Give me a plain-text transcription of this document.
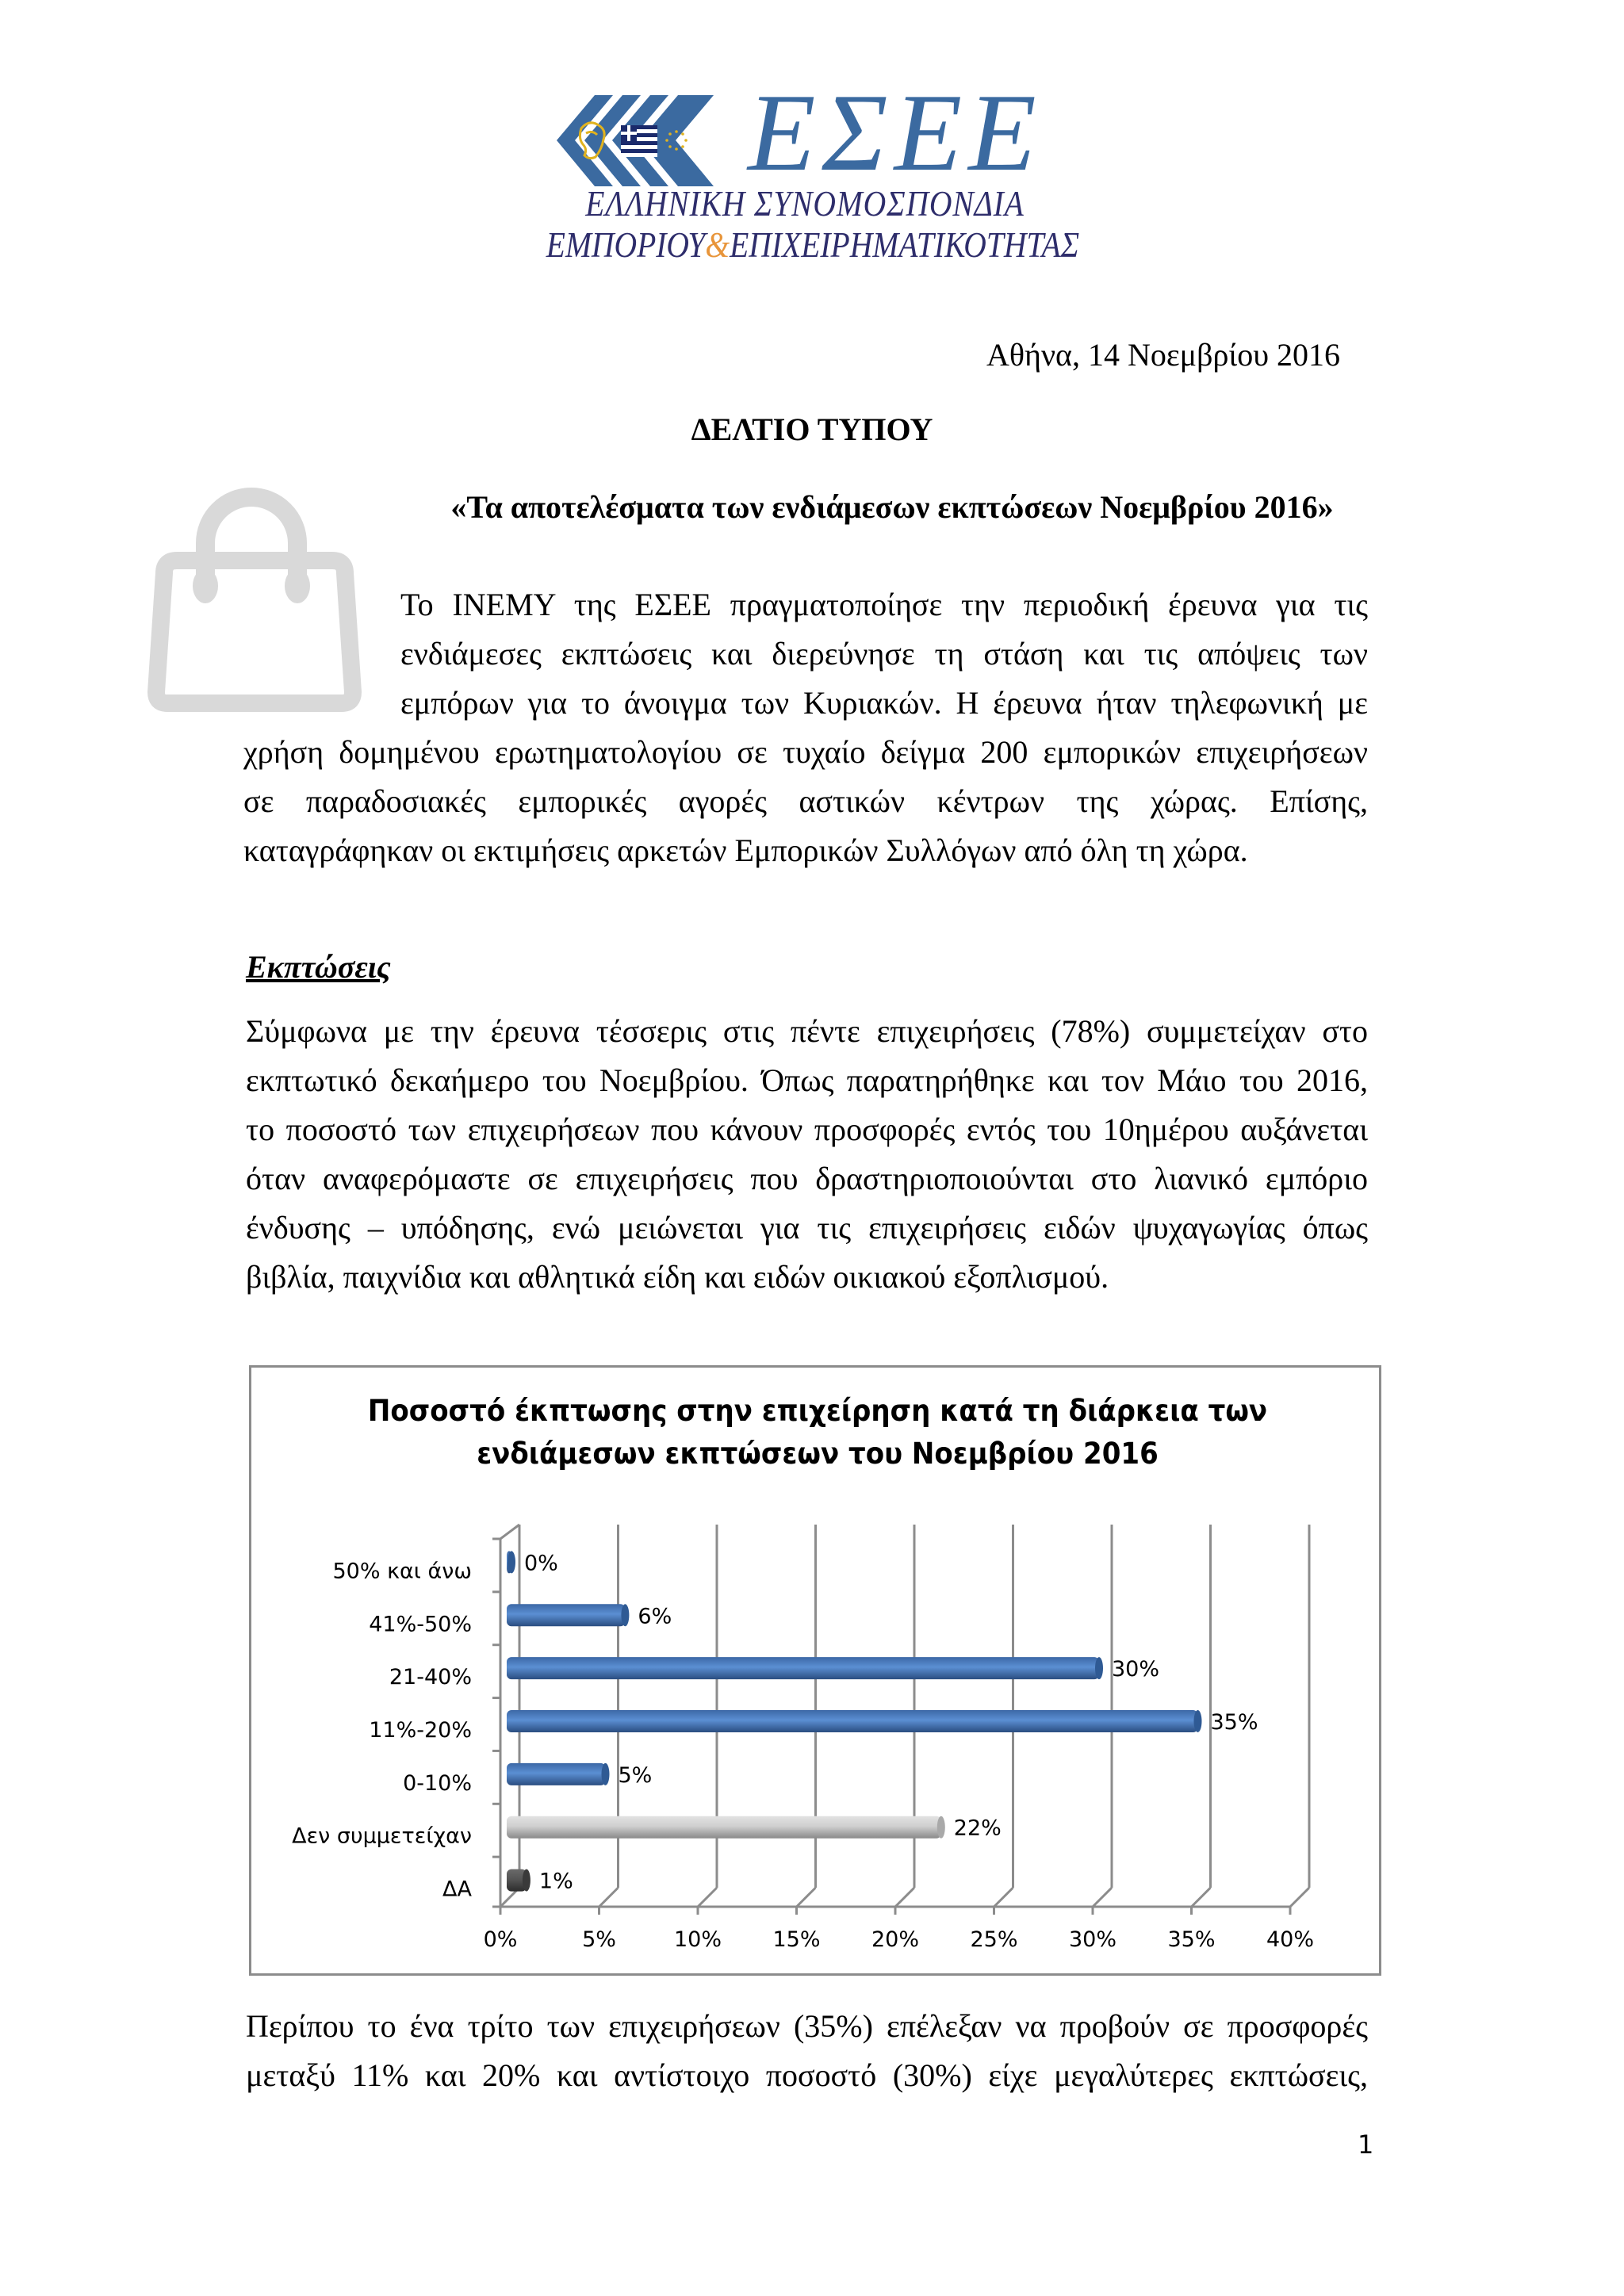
ΕΣΕΕ
ΕΛΛΗΝΙΚΗ ΣΥΝΟΜΟΣΠΟΝΔΙΑ
ΕΜΠΟΡΙΟΥ&ΕΠΙΧΕΙΡΗΜΑΤΙΚΟΤΗΤΑΣ
Αθήνα, 14 Νοεμβρίου 2016
ΔΕΛΤΙΟ ΤΥΠΟΥ
«Τα αποτελέσματα των ενδιάμεσων εκπτώσεων Νοεμβρίου 2016»
Το ΙΝΕΜΥ της ΕΣΕΕ πραγματοποίησε την περιοδική έρευνα για τις
ενδιάμεσες εκπτώσεις και διερεύνησε τη στάση και τις απόψεις των
εμπόρων για το άνοιγμα των Κυριακών. Η έρευνα ήταν τηλεφωνική με
χρήση δομημένου ερωτηματολογίου σε τυχαίο δείγμα 200 εμπορικών επιχειρήσεων
σε παραδοσιακές εμπορικές αγορές αστικών κέντρων της χώρας. Επίσης,
καταγράφηκαν οι εκτιμήσεις αρκετών Εμπορικών Συλλόγων από όλη τη χώρα.
Εκπτώσεις
Σύμφωνα με την έρευνα τέσσερις στις πέντε επιχειρήσεις (78%) συμμετείχαν στο
εκπτωτικό δεκαήμερο του Νοεμβρίου. Όπως παρατηρήθηκε και τον Μάιο του 2016,
το ποσοστό των επιχειρήσεων που κάνουν προσφορές εντός του 10ημέρου αυξάνεται
όταν αναφερόμαστε σε επιχειρήσεις που δραστηριοποιούνται στο λιανικό εμπόριο
ένδυσης – υπόδησης, ενώ μειώνεται για τις επιχειρήσεις ειδών ψυχαγωγίας όπως
βιβλία, παιχνίδια και αθλητικά είδη και ειδών οικιακού εξοπλισμού.
Ποσοστό έκπτωσης στην επιχείρηση κατά τη διάρκεια των
ενδιάμεσων εκπτώσεων του Νοεμβρίου 2016
0%	5%	10% 15% 20% 25% 30% 35% 40%
50% και άνω 0%
41%-50%	6%
21-40%	30%
11%-20%	35%
0-10%	5%
Δεν συμμετείχαν	22%
ΔΑ	1%
Περίπου το ένα τρίτο των επιχειρήσεων (35%) επέλεξαν να προβούν σε προσφορές
μεταξύ 11% και 20% και αντίστοιχο ποσοστό (30%) είχε μεγαλύτερες εκπτώσεις,
1
